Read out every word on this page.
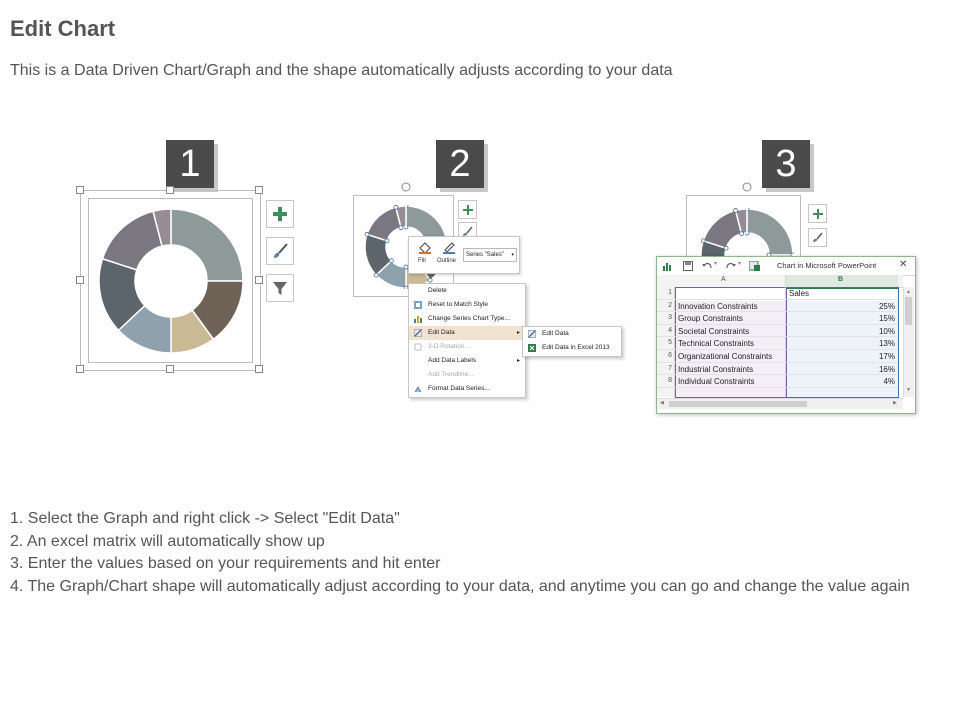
Edit Chart
This is a Data Driven Chart/Graph and the shape automatically adjusts according to your data
1	2	3
Fill Outline
Series "Sales" ▾
Delete
Reset to Match Style
Change Series Chart Type...
Edit Data	▸
3-D Rotation...
Add Data Labels	▸
Add Trendline...
Format Data Series...
Edit Data
Edit Data in Excel 2013
▾	▾	Chart in Microsoft PowerPoint ✕
A	B
1	Sales
2 Innovation Constraints	25%
3 Group Constraints	15%
4 Societal Constraints	10%
5 Technical Constraints	13%
6 Organizational Constraints	17%
7 Industrial Constraints	16%
8 Individual Constraints	4%
▲
▼
◀	▶
1. Select the Graph and right click -> Select "Edit Data"
2. An excel matrix will automatically show up
3. Enter the values based on your requirements and hit enter
4. The Graph/Chart shape will automatically adjust according to your data, and anytime you can go and change the value again
